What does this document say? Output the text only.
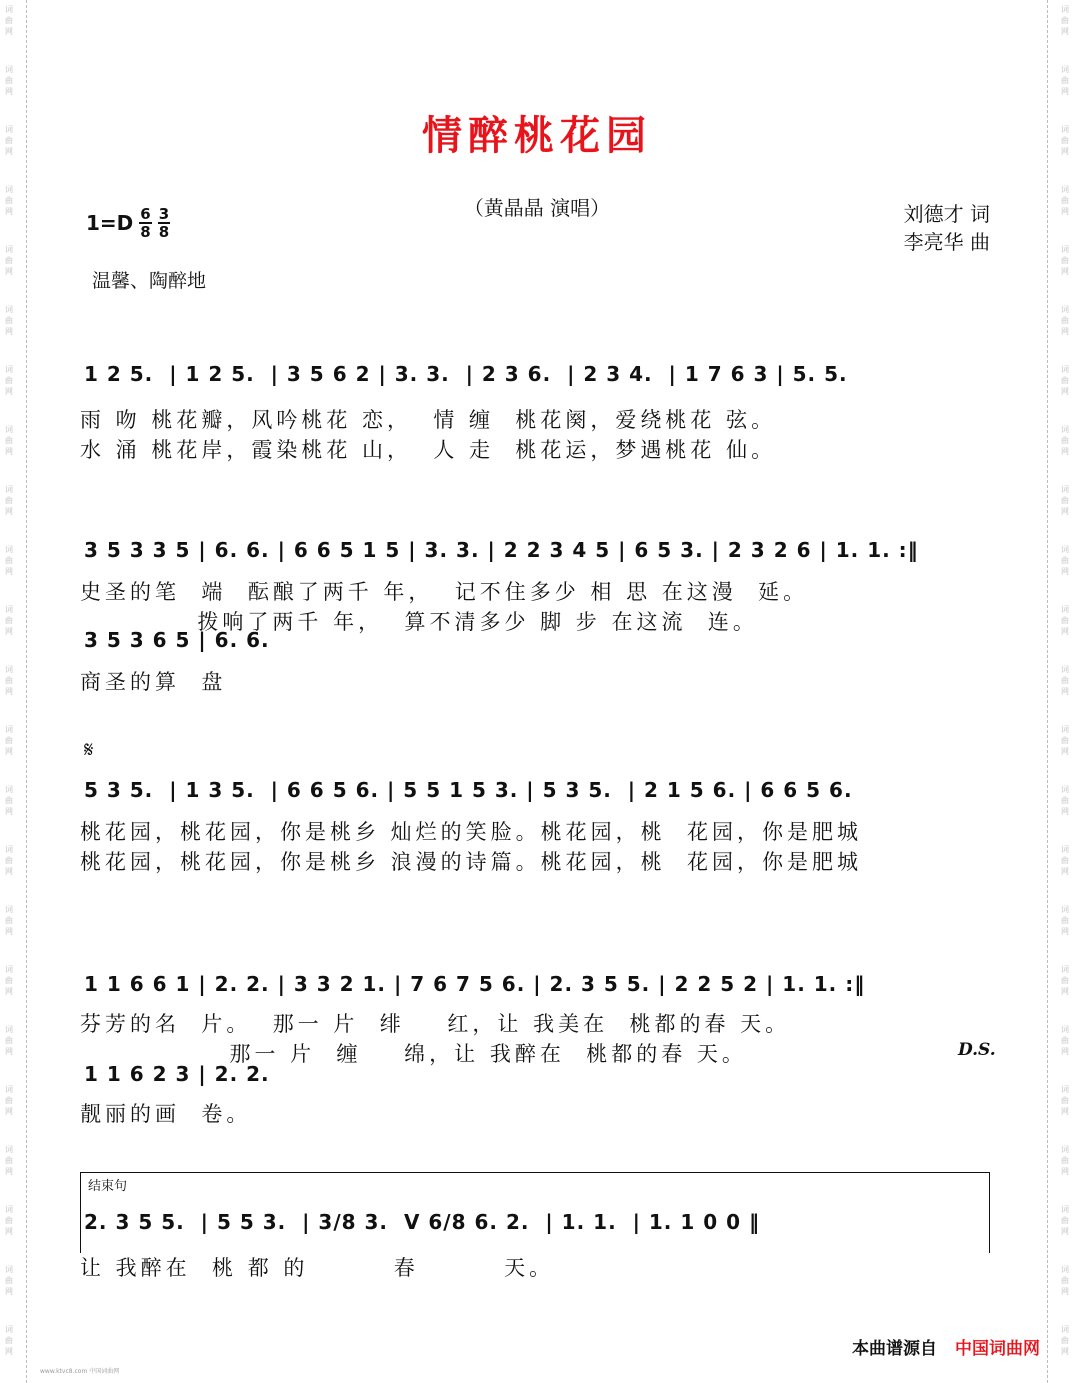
情醉桃花园
（黄晶晶 演唱）	刘德才 词
李亮华 曲
$1=D \frac{6}{8} \frac{3}{8}$
温馨、陶醉地
1 2 5.  | 1 2 5.  | 3 5 6 2 | 3. 3.  | 2 3 6.  | 2 3 4.  | 1 7 6 3 | 5. 5.
雨 吻 桃花瓣，风吟桃花 恋，  情 缠  桃花阕，爱绕桃花 弦。
水 涌 桃花岸，霞染桃花 山，  人 走  桃花运，梦遇桃花 仙。
3 5 3 3 5 | 6. 6. | 6 6 5 1 5 | 3. 3. | 2 2 3 4 5 | 6 5 3. | 2 3 2 6 | 1. 1. :‖
史圣的笔  端  酝酿了两千 年，  记不住多少 相 思 在这漫  延。
拨响了两千 年，  算不清多少 脚 步 在这流  连。
3 5 3 6 5 | 6. 6.
商圣的算  盘
𝄋
5 3 5.  | 1 3 5.  | 6 6 5 6. | 5 5 1 5 3. | 5 3 5.  | 2 1 5 6. | 6 6 5 6.
桃花园，桃花园，你是桃乡 灿烂的笑脸。桃花园，桃  花园，你是肥城
桃花园，桃花园，你是桃乡 浪漫的诗篇。桃花园，桃  花园，你是肥城
1 1 6 6 1 | 2. 2. | 3 3 2 1. | 7 6 7 5 6. | 2. 3 5 5. | 2 2 5 2 | 1. 1. :‖
芬芳的名  片。  那一 片  绯    红，让 我美在  桃都的春 天。
那一 片  缠    绵，让 我醉在  桃都的春 天。	D.S.
1 1 6 2 3 | 2. 2.
靓丽的画  卷。
结束句
2. 3 5 5.  | 5 5 3.  | 3/8 3.  V 6/8 6. 2.  | 1. 1.  | 1. 1 0 0 ‖
让 我醉在  桃 都 的        春        天。
本曲谱源自 中国词曲网
www.ktvc8.com 中国词曲网
词
曲
网
词
曲
网
词
曲
网
词
曲
网
词
曲
网
词
曲
网
词
曲
网
词
曲
网
词
曲
网
词
曲
网
词
曲
网
词
曲
网
词
曲
网
词
曲
网
词
曲
网
词
曲
网
词
曲
网
词
曲
网
词
曲
网
词
曲
网
词
曲
网
词
曲
网
词
曲
网
词
曲
网
词
曲
网
词
曲
网
词
曲
网
词
曲
网
词
曲
网
词
曲
网
词
曲
网
词
曲
网
词
曲
网
词
曲
网
词
曲
网
词
曲
网
词
曲
网
词
曲
网
词
曲
网
词
曲
网
词
曲
网
词
曲
网
词
曲
网
词
曲
网
词
曲
网
词
曲
网
